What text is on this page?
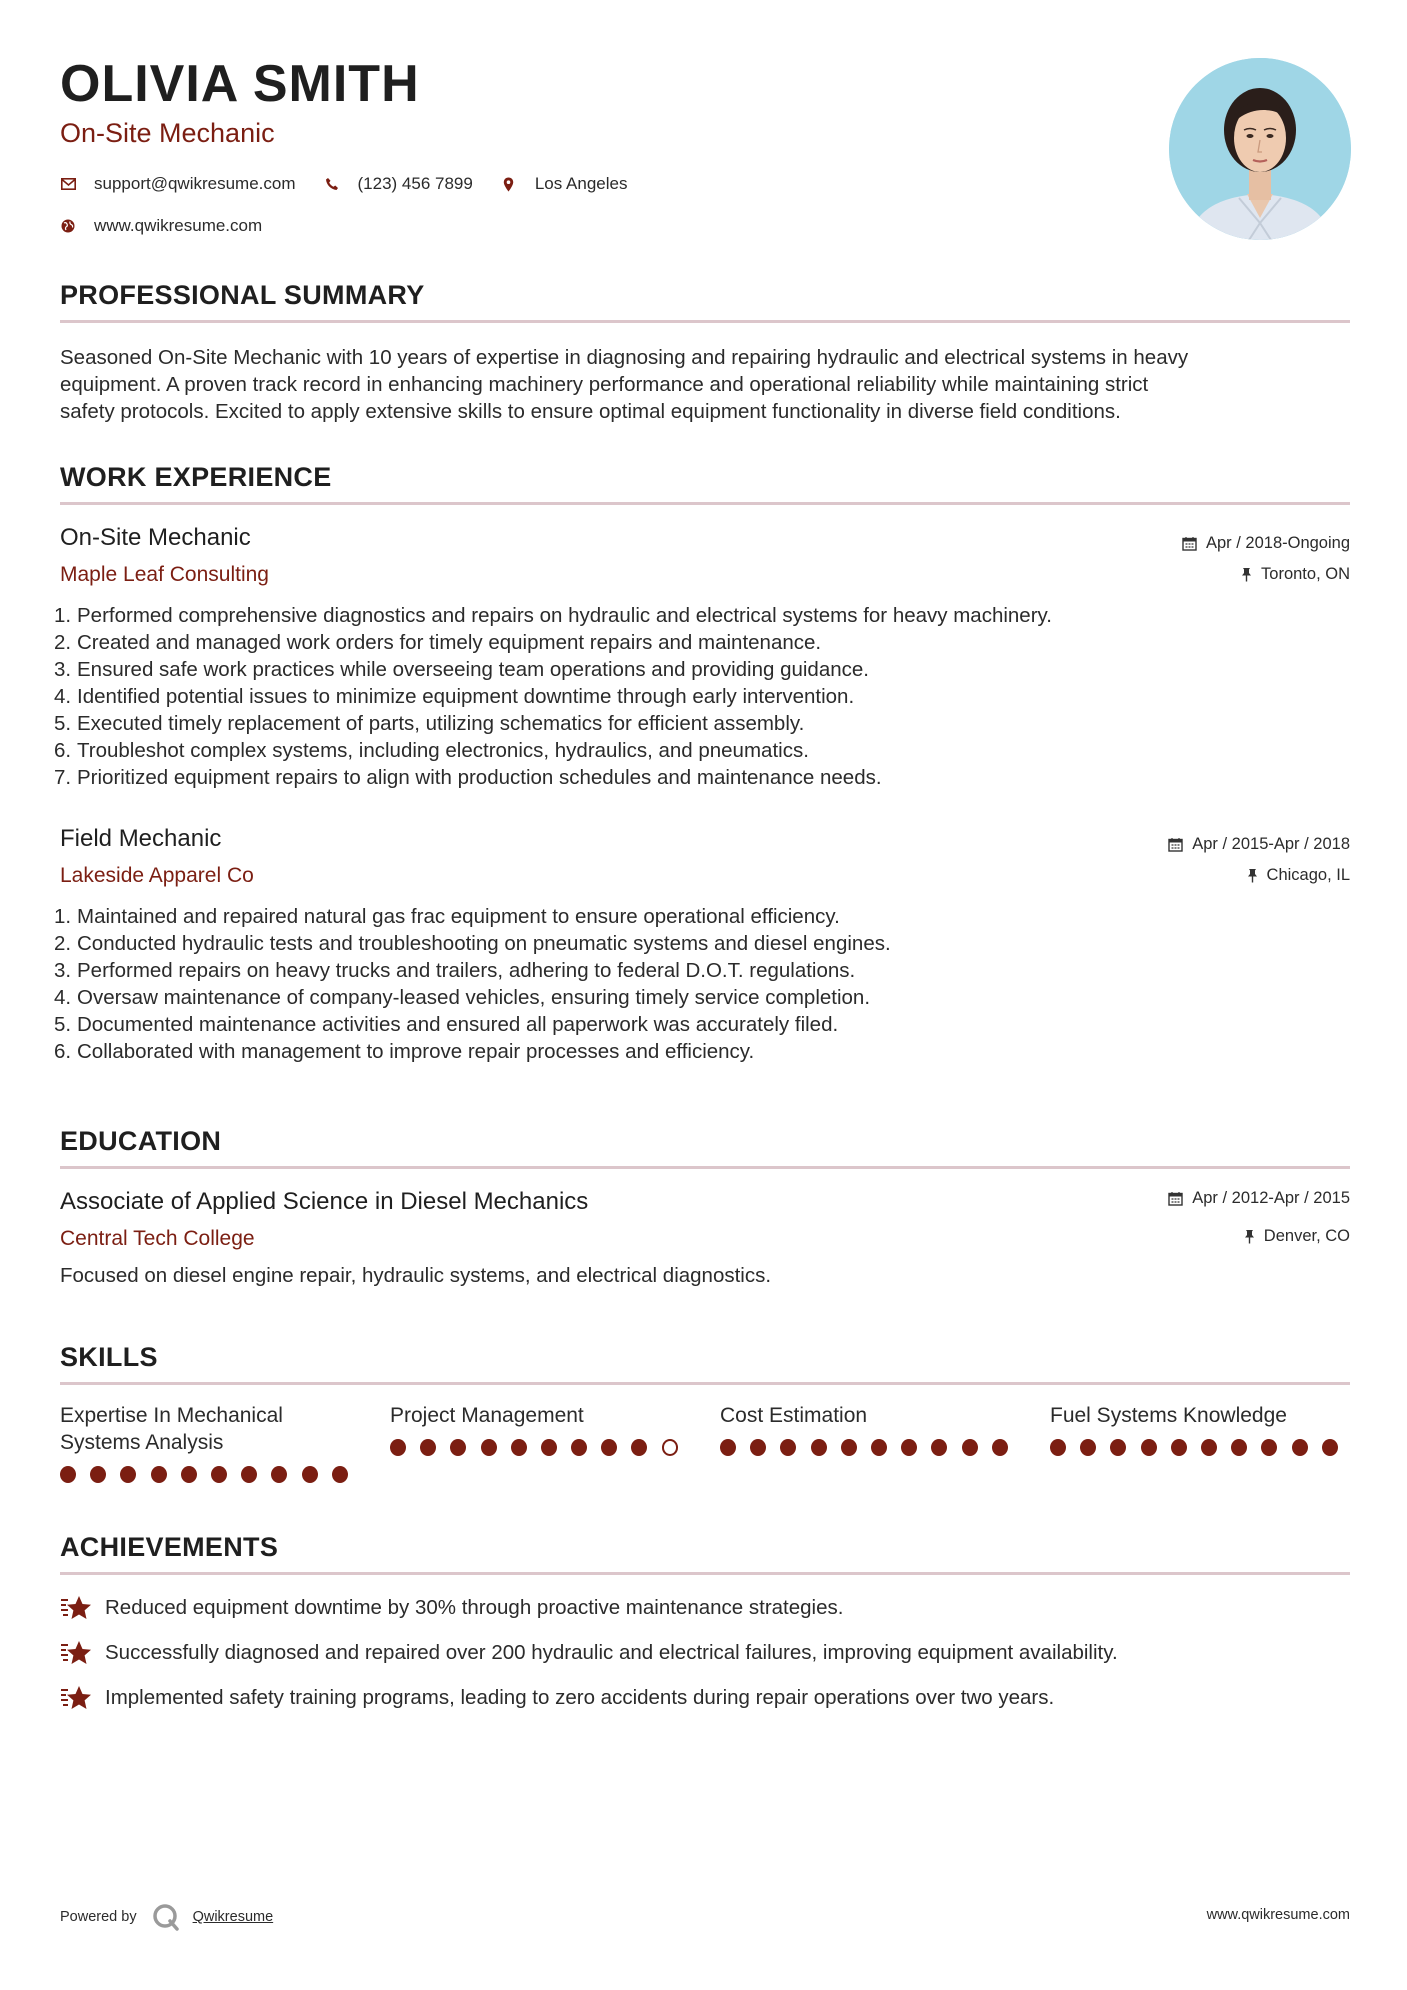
OLIVIA SMITH
On-Site Mechanic
support@qwikresume.com	(123) 456 7899	Los Angeles
www.qwikresume.com
PROFESSIONAL SUMMARY
Seasoned On-Site Mechanic with 10 years of expertise in diagnosing and repairing hydraulic and electrical systems in heavy
equipment. A proven track record in enhancing machinery performance and operational reliability while maintaining strict
safety protocols. Excited to apply extensive skills to ensure optimal equipment functionality in diverse field conditions.
WORK EXPERIENCE
On-Site Mechanic
Maple Leaf Consulting
Apr / 2018-Ongoing
Toronto, ON
1. Performed comprehensive diagnostics and repairs on hydraulic and electrical systems for heavy machinery.
2. Created and managed work orders for timely equipment repairs and maintenance.
3. Ensured safe work practices while overseeing team operations and providing guidance.
4. Identified potential issues to minimize equipment downtime through early intervention.
5. Executed timely replacement of parts, utilizing schematics for efficient assembly.
6. Troubleshot complex systems, including electronics, hydraulics, and pneumatics.
7. Prioritized equipment repairs to align with production schedules and maintenance needs.
Field Mechanic
Lakeside Apparel Co
Apr / 2015-Apr / 2018
Chicago, IL
1. Maintained and repaired natural gas frac equipment to ensure operational efficiency.
2. Conducted hydraulic tests and troubleshooting on pneumatic systems and diesel engines.
3. Performed repairs on heavy trucks and trailers, adhering to federal D.O.T. regulations.
4. Oversaw maintenance of company-leased vehicles, ensuring timely service completion.
5. Documented maintenance activities and ensured all paperwork was accurately filed.
6. Collaborated with management to improve repair processes and efficiency.
EDUCATION
Associate of Applied Science in Diesel Mechanics
Central Tech College
Apr / 2012-Apr / 2015
Denver, CO
Focused on diesel engine repair, hydraulic systems, and electrical diagnostics.
SKILLS
Expertise In Mechanical
Systems Analysis
Project Management	Cost Estimation	Fuel Systems Knowledge
ACHIEVEMENTS
Reduced equipment downtime by 30% through proactive maintenance strategies.
Successfully diagnosed and repaired over 200 hydraulic and electrical failures, improving equipment availability.
Implemented safety training programs, leading to zero accidents during repair operations over two years.
Powered by	Qwikresume	www.qwikresume.com
